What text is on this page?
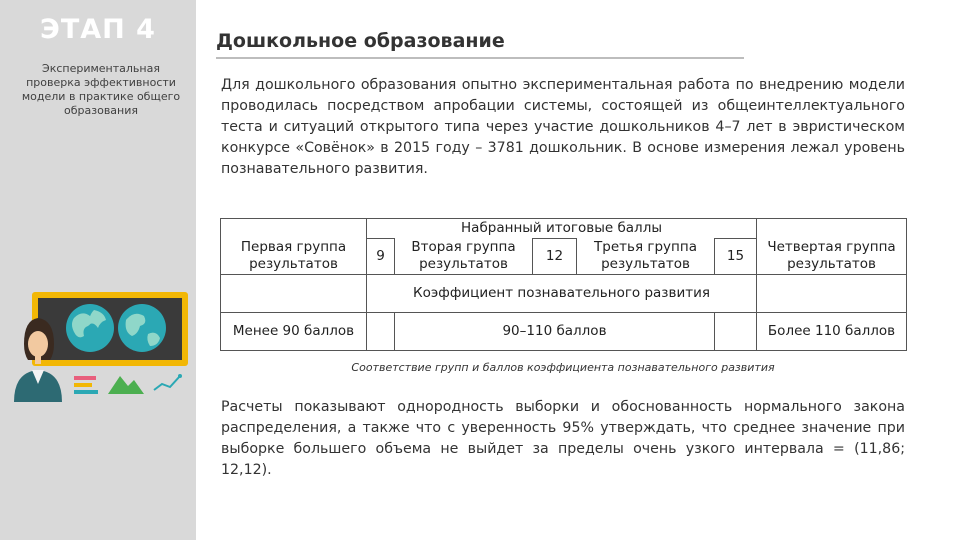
ЭТАП 4
Экспериментальная проверка эффективности модели в практике общего образования
Дошкольное образование
Для дошкольного образования опытно экспериментальная работа по внедрению модели проводилась посредством апробации системы, состоящей из общеинтеллектуального теста и ситуаций открытого типа через участие дошкольников 4–7 лет в эвристическом конкурсе «Совёнок» в 2015 году – 3781 дошкольник. В основе измерения лежал уровень познавательного развития.
	Набранный итоговые баллы					
Первая группа результатов	9	Вторая группа результатов	12	Третья группа результатов	15	Четвертая группа результатов
	Коэффициент познавательного развития					
Менее 90 баллов		90–110 баллов				Более 110 баллов
Соответствие групп и баллов коэффициента познавательного развития
Расчеты показывают однородность выборки и обоснованность нормального закона распределения, а также что с уверенность 95% утверждать, что среднее значение при выборке большего объема не выйдет за пределы очень узкого интервала = (11,86; 12,12).
